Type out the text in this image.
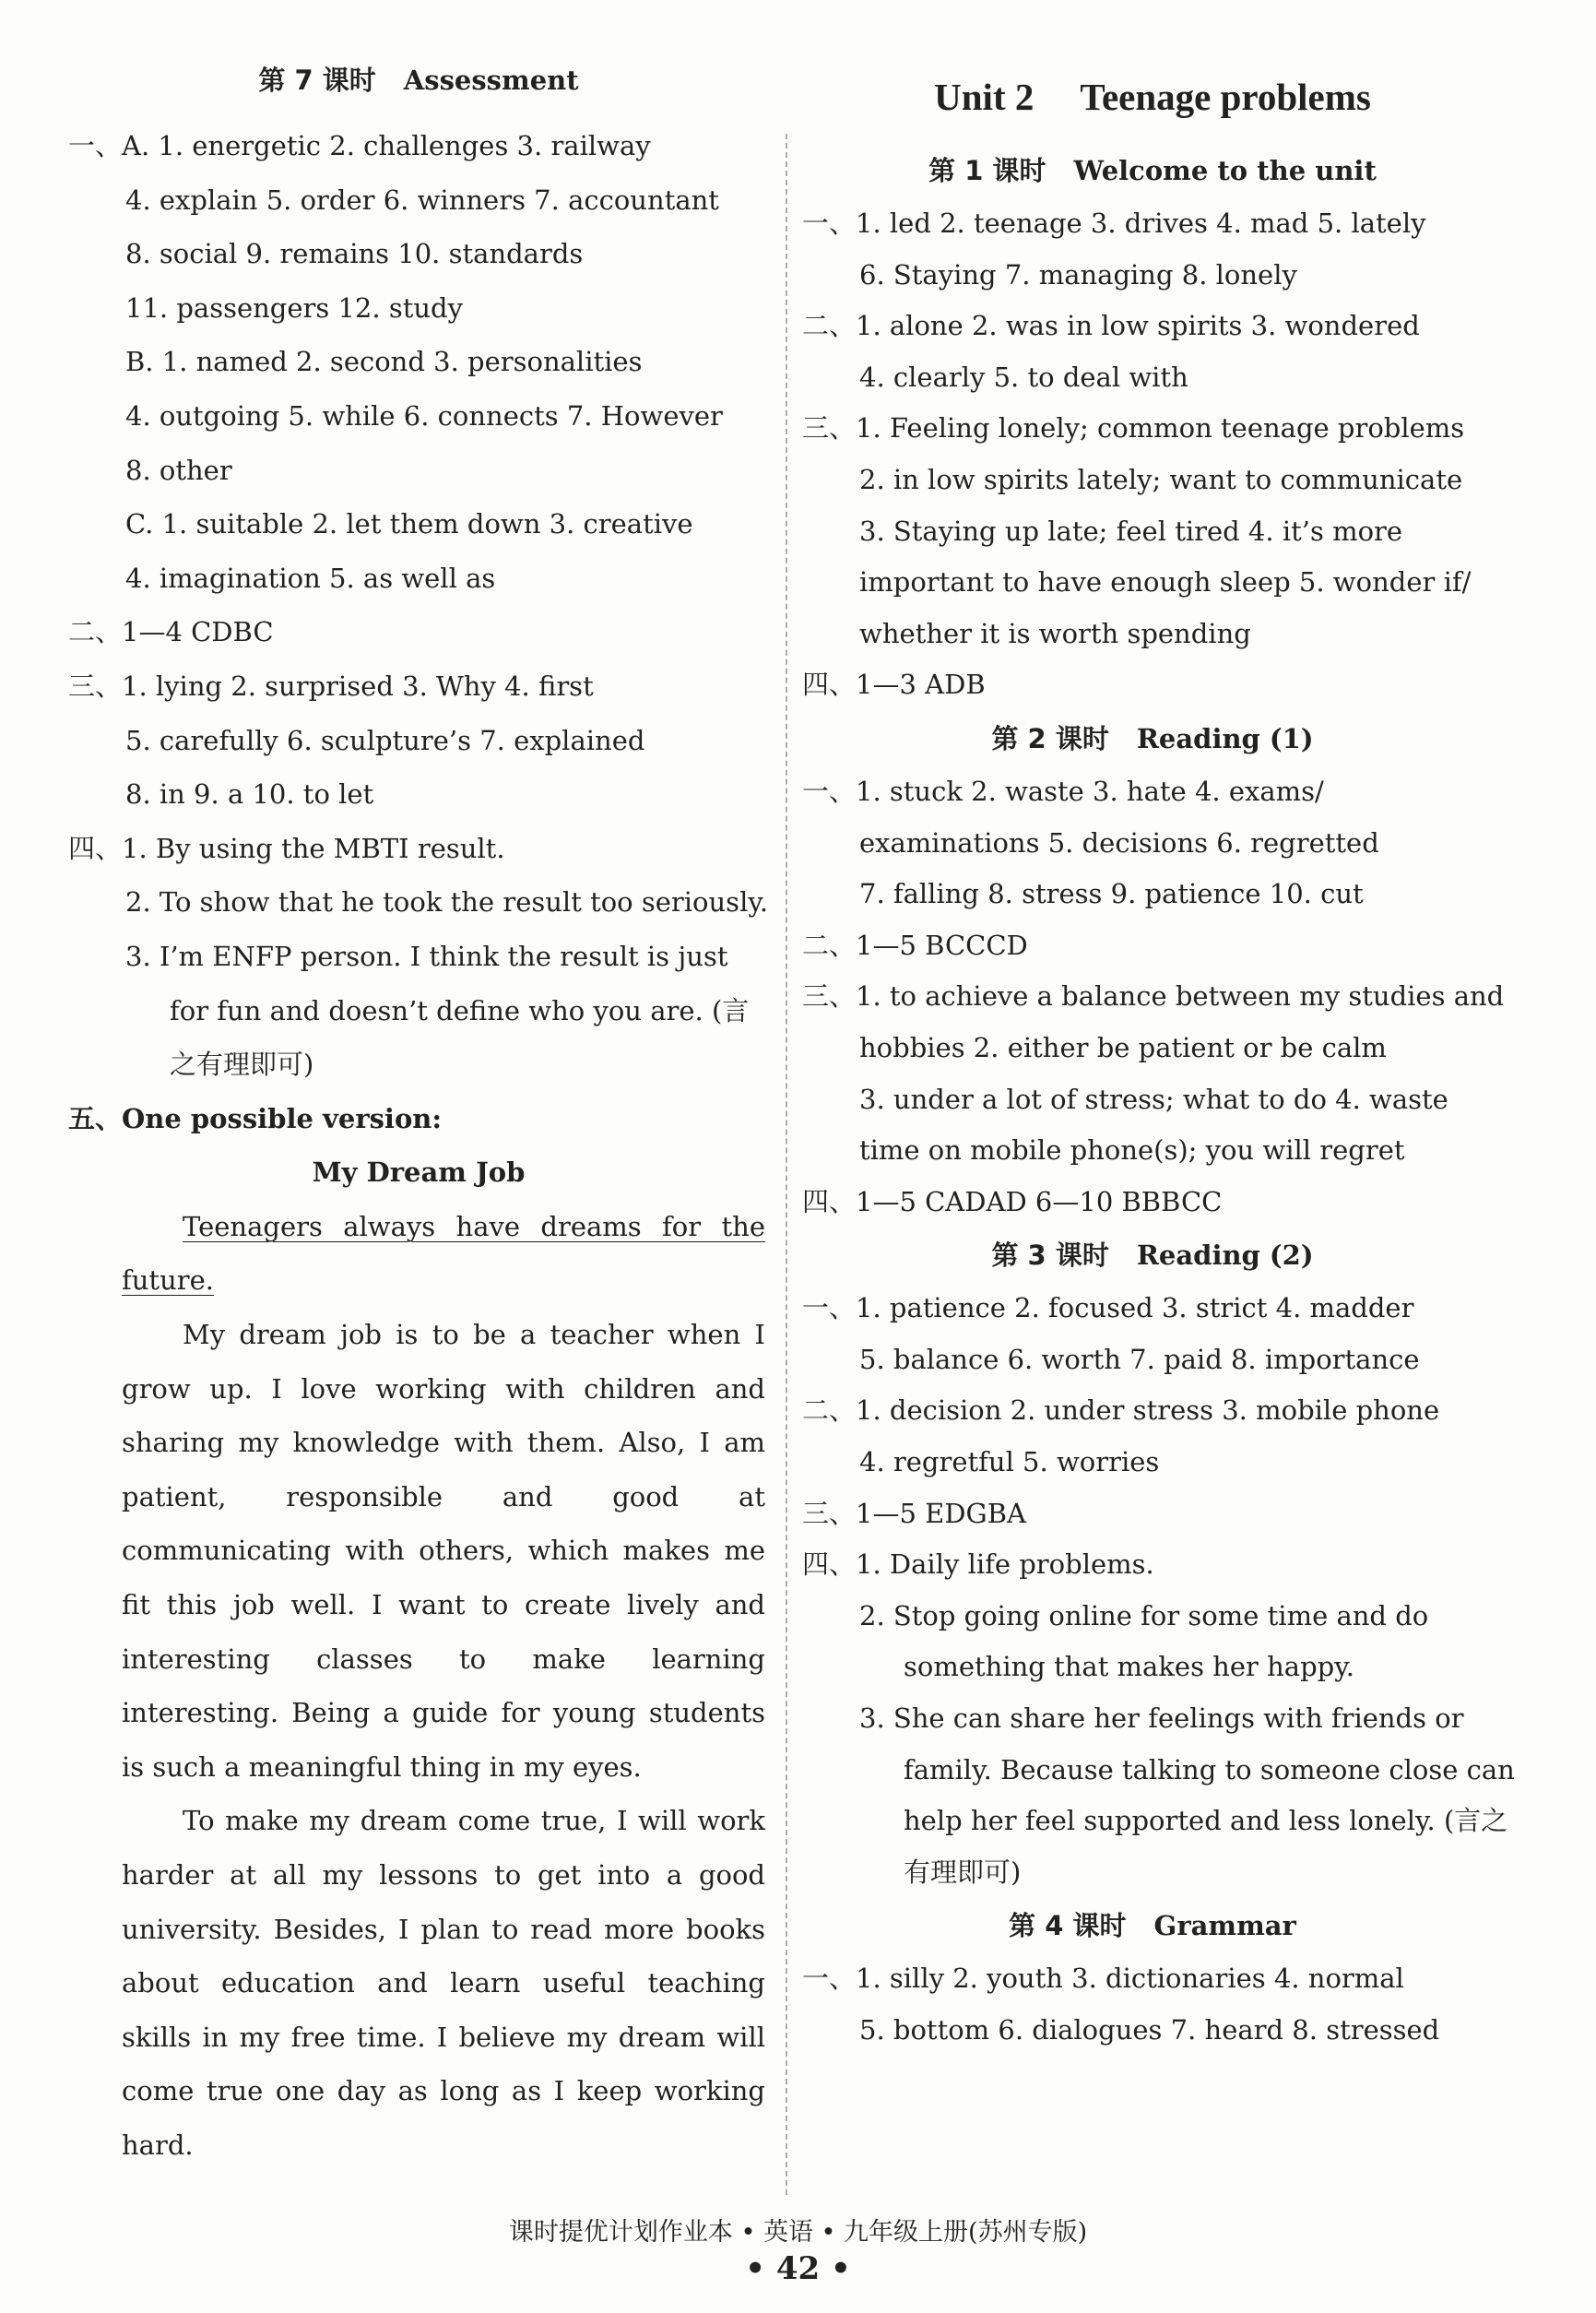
第 7 课时 Assessment
一、A. 1. energetic 2. challenges 3. railway
4. explain 5. order 6. winners 7. accountant
8. social 9. remains 10. standards
11. passengers 12. study
B. 1. named 2. second 3. personalities
4. outgoing 5. while 6. connects 7. However
8. other
C. 1. suitable 2. let them down 3. creative
4. imagination 5. as well as
二、1—4 CDBC
三、1. lying 2. surprised 3. Why 4. first
5. carefully 6. sculpture’s 7. explained
8. in 9. a 10. to let
四、1. By using the MBTI result.
2. To show that he took the result too seriously.
3. I’m ENFP person. I think the result is just
for fun and doesn’t define who you are. (言
之有理即可)
五、One possible version:
My Dream Job

Teenagers always have dreams for the future.

My dream job is to be a teacher when I grow up. I love working with children and sharing my knowledge with them. Also, I am patient, responsible and good at communicating with others, which makes me fit this job well. I want to create lively and interesting classes to make learning interesting. Being a guide for young students is such a meaningful thing in my eyes.

To make my dream come true, I will work harder at all my lessons to get into a good university. Besides, I plan to read more books about education and learn useful teaching skills in my free time. I believe my dream will come true one day as long as I keep working hard.

Unit 2 Teenage problems
第 1 课时 Welcome to the unit
一、1. led 2. teenage 3. drives 4. mad 5. lately
6. Staying 7. managing 8. lonely
二、1. alone 2. was in low spirits 3. wondered
4. clearly 5. to deal with
三、1. Feeling lonely; common teenage problems
2. in low spirits lately; want to communicate
3. Staying up late; feel tired 4. it’s more
important to have enough sleep 5. wonder if/
whether it is worth spending
四、1—3 ADB
第 2 课时 Reading (1)
一、1. stuck 2. waste 3. hate 4. exams/
examinations 5. decisions 6. regretted
7. falling 8. stress 9. patience 10. cut
二、1—5 BCCCD
三、1. to achieve a balance between my studies and
hobbies 2. either be patient or be calm
3. under a lot of stress; what to do 4. waste
time on mobile phone(s); you will regret
四、1—5 CADAD 6—10 BBBCC
第 3 课时 Reading (2)
一、1. patience 2. focused 3. strict 4. madder
5. balance 6. worth 7. paid 8. importance
二、1. decision 2. under stress 3. mobile phone
4. regretful 5. worries
三、1—5 EDGBA
四、1. Daily life problems.
2. Stop going online for some time and do
something that makes her happy.
3. She can share her feelings with friends or
family. Because talking to someone close can
help her feel supported and less lonely. (言之
有理即可)
第 4 课时 Grammar
一、1. silly 2. youth 3. dictionaries 4. normal
5. bottom 6. dialogues 7. heard 8. stressed
课时提优计划作业本 • 英语 • 九年级上册(苏州专版)
• 42 •
